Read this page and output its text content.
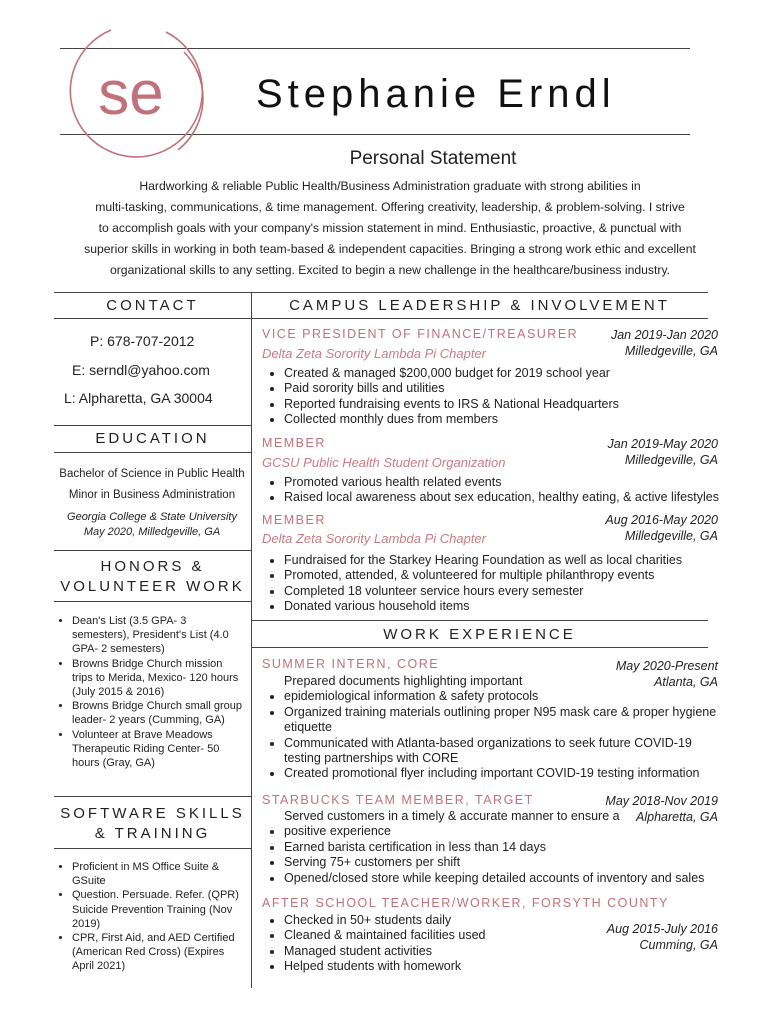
se Stephanie Erndl
Personal Statement
Hardworking & reliable Public Health/Business Administration graduate with strong abilities in
multi-tasking, communications, & time management. Offering creativity, leadership, & problem-solving. I strive
to accomplish goals with your company's mission statement in mind. Enthusiastic, proactive, & punctual with
superior skills in working in both team-based & independent capacities. Bringing a strong work ethic and excellent
organizational skills to any setting. Excited to begin a new challenge in the healthcare/business industry.
CONTACT
P: 678-707-2012
E: serndl@yahoo.com
L: Alpharetta, GA 30004
EDUCATION
Bachelor of Science in Public Health
Minor in Business Administration
Georgia College & State University
May 2020, Milledgeville, GA
HONORS &
VOLUNTEER WORK
• Dean's List (3.5 GPA- 3 semesters), President's List (4.0 GPA- 2 semesters)
• Browns Bridge Church mission trips to Merida, Mexico- 120 hours (July 2015 & 2016)
• Browns Bridge Church small group leader- 2 years (Cumming, GA)
• Volunteer at Brave Meadows Therapeutic Riding Center- 50 hours (Gray, GA)
SOFTWARE SKILLS
& TRAINING
• Proficient in MS Office Suite & GSuite
• Question. Persuade. Refer. (QPR) Suicide Prevention Training (Nov 2019)
• CPR, First Aid, and AED Certified (American Red Cross) (Expires April 2021)
CAMPUS LEADERSHIP & INVOLVEMENT
VICE PRESIDENT OF FINANCE/TREASURER
Delta Zeta Sorority Lambda Pi Chapter
Jan 2019-Jan 2020
Milledgeville, GA
• Created & managed $200,000 budget for 2019 school year
• Paid sorority bills and utilities
• Reported fundraising events to IRS & National Headquarters
• Collected monthly dues from members
MEMBER
GCSU Public Health Student Organization
Jan 2019-May 2020
Milledgeville, GA
• Promoted various health related events
• Raised local awareness about sex education, healthy eating, & active lifestyles
MEMBER
Delta Zeta Sorority Lambda Pi Chapter
Aug 2016-May 2020
Milledgeville, GA
• Fundraised for the Starkey Hearing Foundation as well as local charities
• Promoted, attended, & volunteered for multiple philanthropy events
• Completed 18 volunteer service hours every semester
• Donated various household items
WORK EXPERIENCE
SUMMER INTERN, CORE	May 2020-Present
Atlanta, GA
• Prepared documents highlighting important epidemiological information & safety protocols
• Organized training materials outlining proper N95 mask care & proper hygiene etiquette
• Communicated with Atlanta-based organizations to seek future COVID-19 testing partnerships with CORE
• Created promotional flyer including important COVID-19 testing information
STARBUCKS TEAM MEMBER, TARGET	May 2018-Nov 2019
Alpharetta, GA
• Served customers in a timely & accurate manner to ensure a positive experience
• Earned barista certification in less than 14 days
• Serving 75+ customers per shift
• Opened/closed store while keeping detailed accounts of inventory and sales
AFTER SCHOOL TEACHER/WORKER, FORSYTH COUNTY
Aug 2015-July 2016
Cumming, GA
• Checked in 50+ students daily
• Cleaned & maintained facilities used
• Managed student activities
• Helped students with homework
